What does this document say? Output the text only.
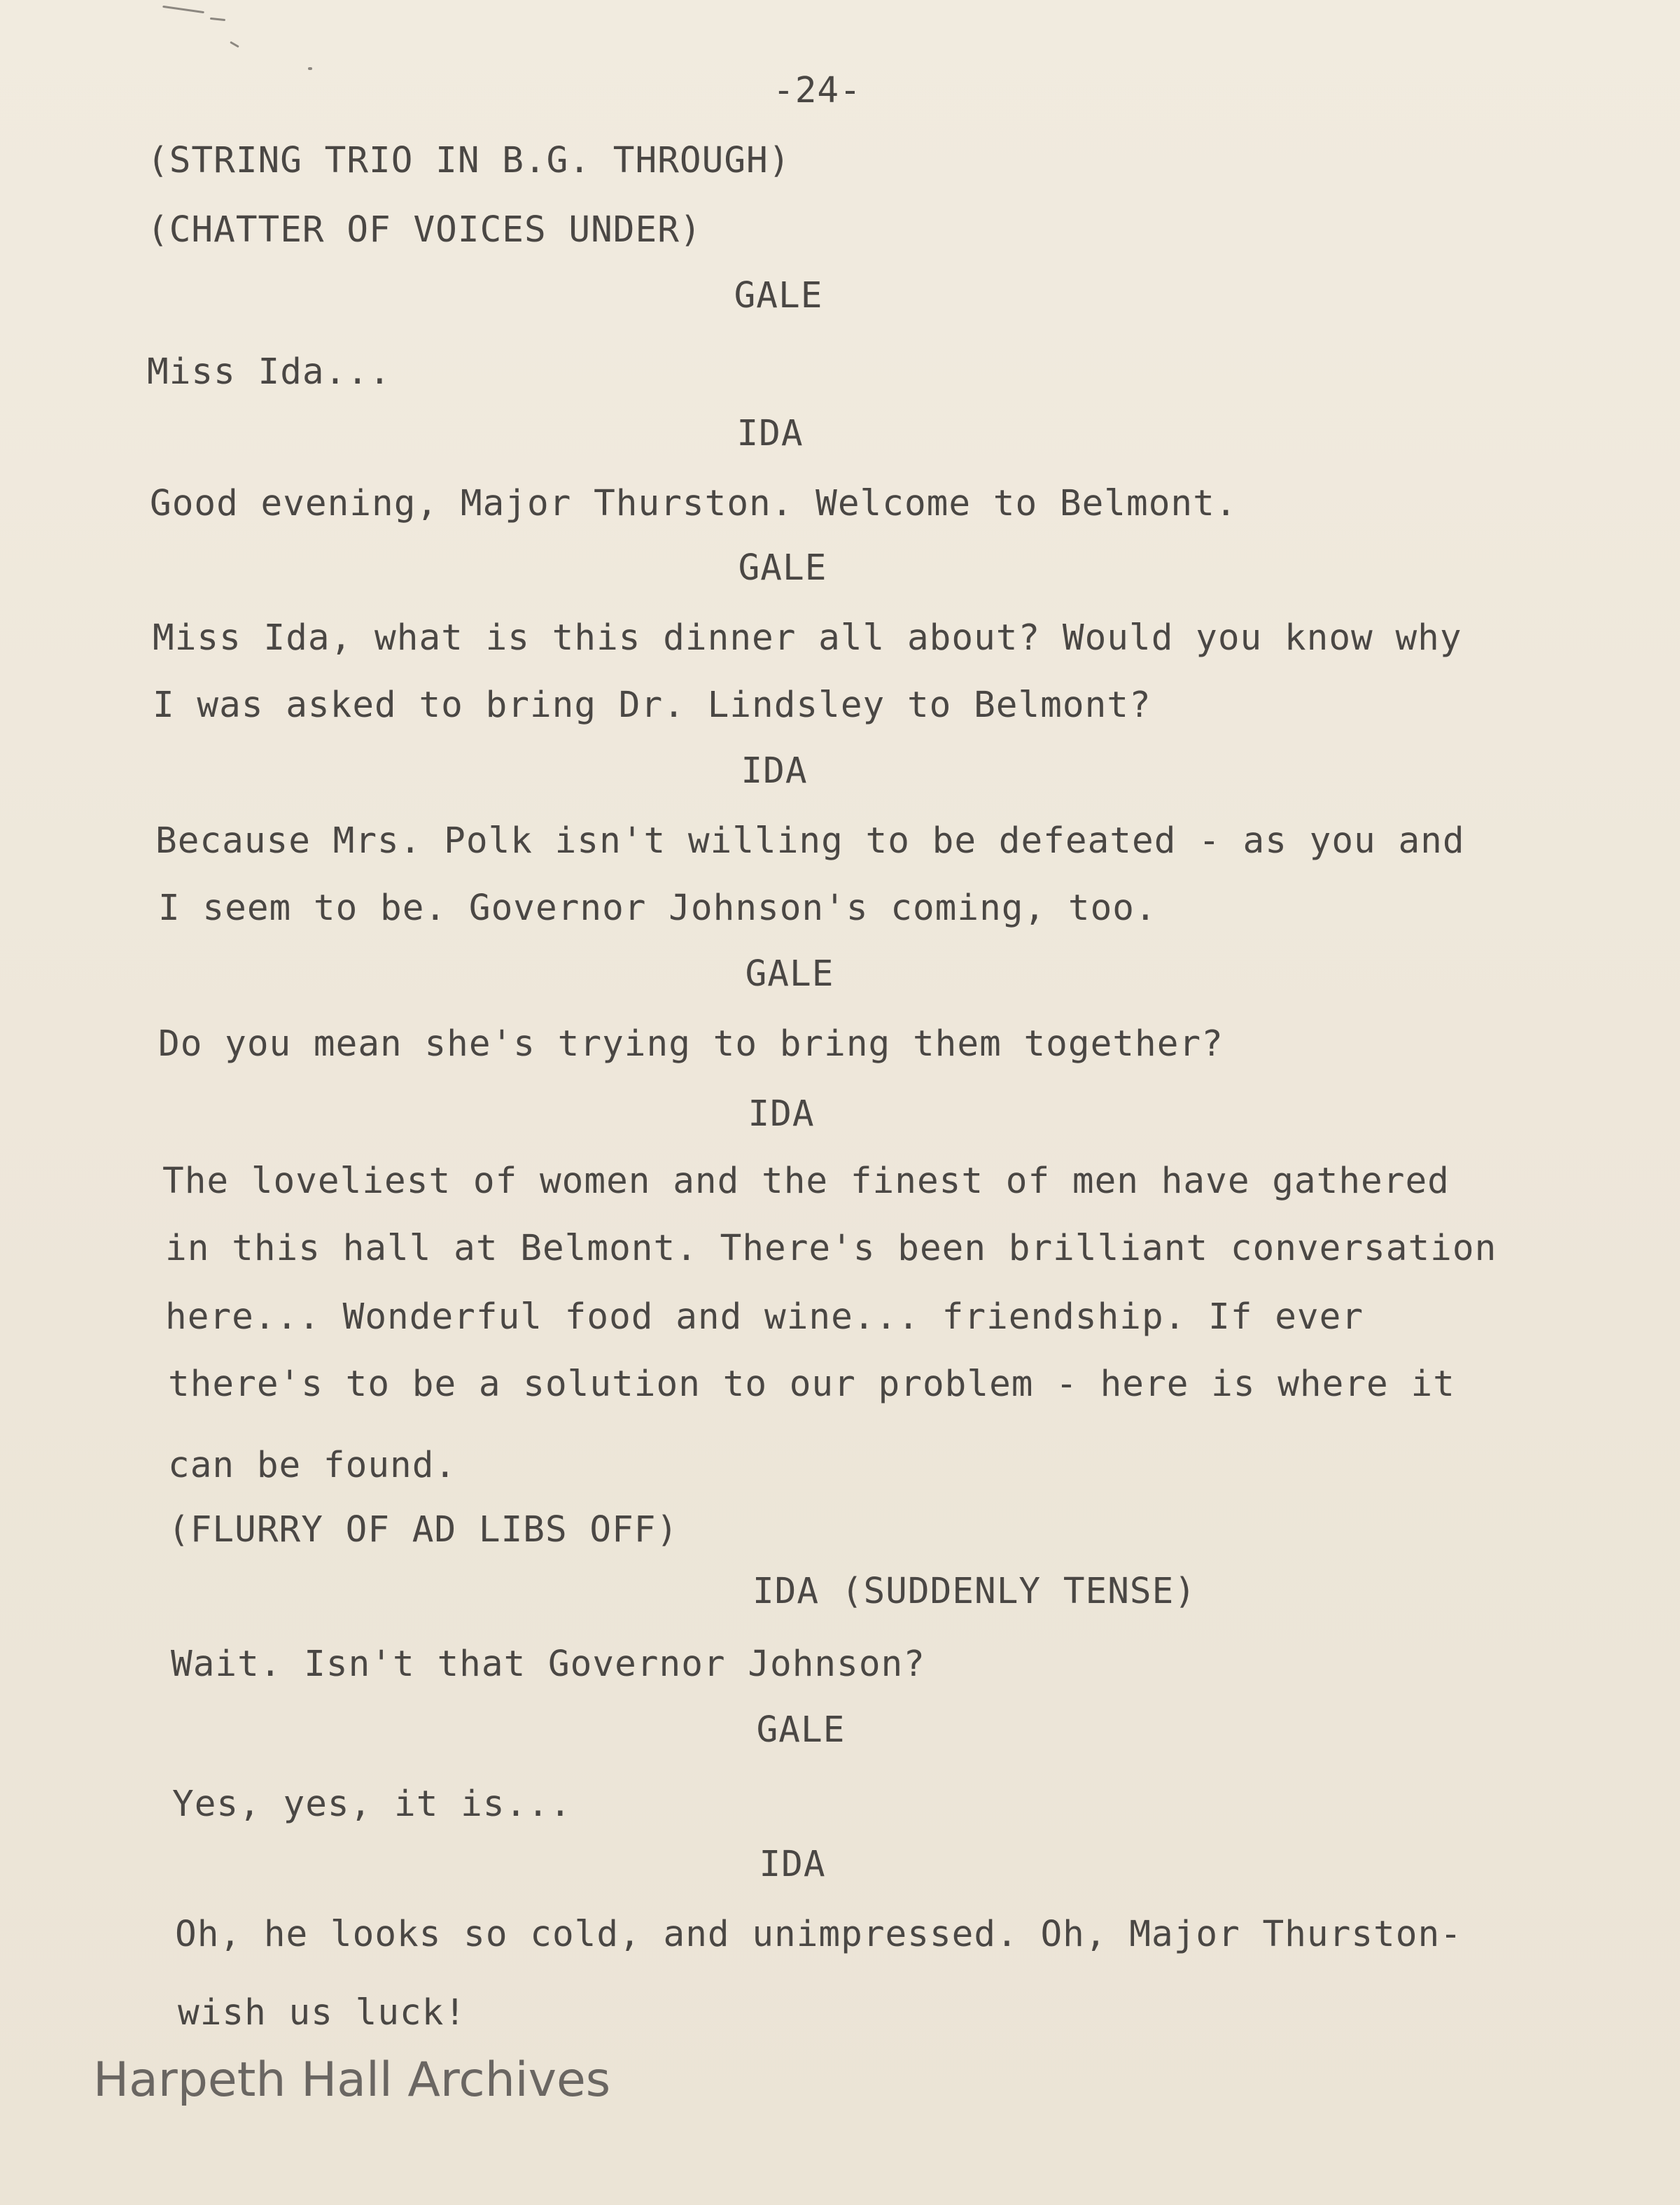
-24-
(STRING TRIO IN B.G. THROUGH)
(CHATTER OF VOICES UNDER)
GALE
Miss Ida...
IDA
Good evening, Major Thurston. Welcome to Belmont.
GALE
Miss Ida, what is this dinner all about? Would you know why
I was asked to bring Dr. Lindsley to Belmont?
IDA
Because Mrs. Polk isn't willing to be defeated - as you and
I seem to be. Governor Johnson's coming, too.
GALE
Do you mean she's trying to bring them together?
IDA
The loveliest of women and the finest of men have gathered
in this hall at Belmont. There's been brilliant conversation
here... Wonderful food and wine... friendship. If ever
there's to be a solution to our problem - here is where it
can be found.
(FLURRY OF AD LIBS OFF)
IDA (SUDDENLY TENSE)
Wait. Isn't that Governor Johnson?
GALE
Yes, yes, it is...
IDA
Oh, he looks so cold, and unimpressed. Oh, Major Thurston-
wish us luck!
Harpeth Hall Archives
